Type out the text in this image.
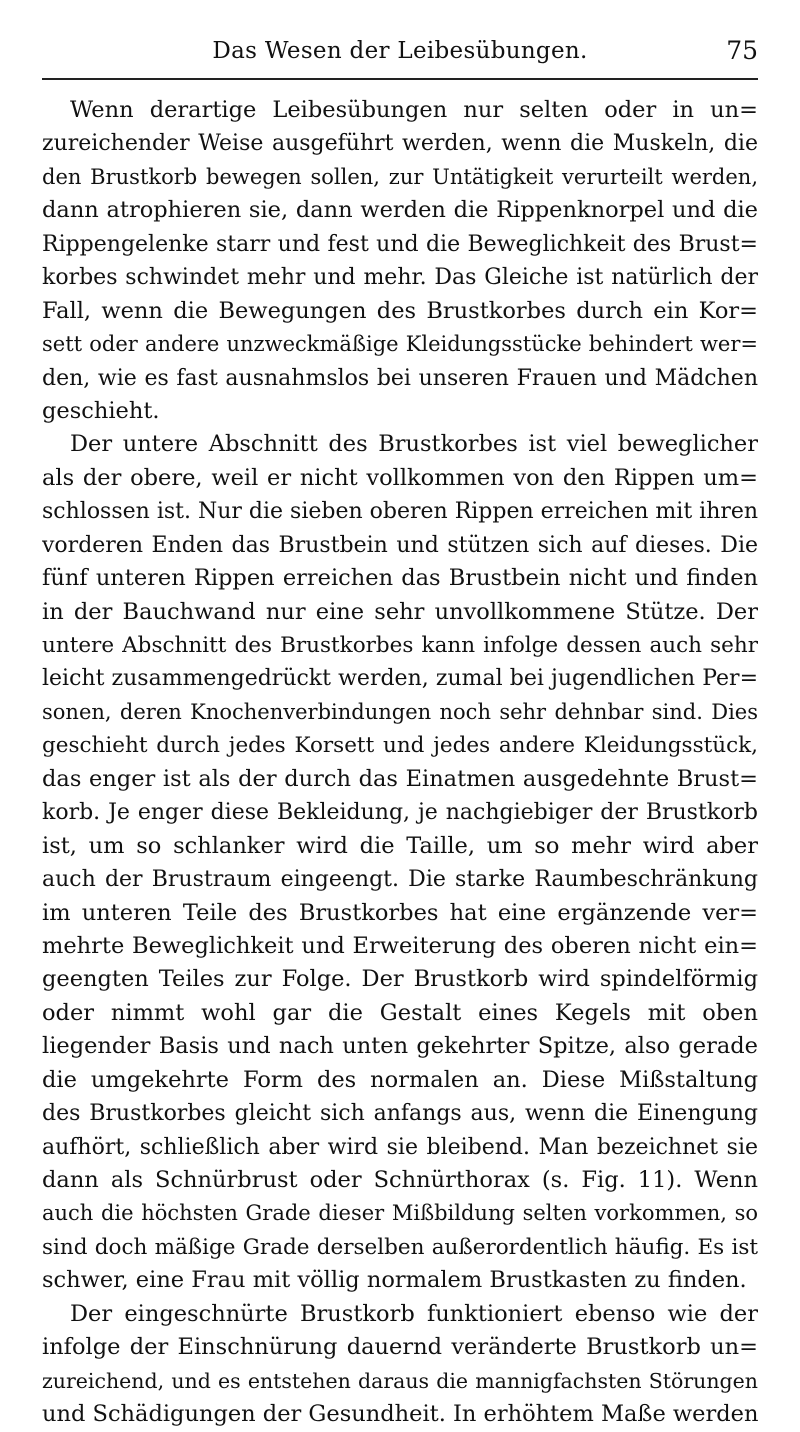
Das Wesen der Leibesübungen.	75
Wenn derartige Leibesübungen nur selten oder in un=
zureichender Weise ausgeführt werden, wenn die Muskeln, die
den Brustkorb bewegen sollen, zur Untätigkeit verurteilt werden,
dann atrophieren sie, dann werden die Rippenknorpel und die
Rippengelenke starr und fest und die Beweglichkeit des Brust=
korbes schwindet mehr und mehr. Das Gleiche ist natürlich der
Fall, wenn die Bewegungen des Brustkorbes durch ein Kor=
sett oder andere unzweckmäßige Kleidungsstücke behindert wer=
den, wie es fast ausnahmslos bei unseren Frauen und Mädchen
geschieht.
Der untere Abschnitt des Brustkorbes ist viel beweglicher
als der obere, weil er nicht vollkommen von den Rippen um=
schlossen ist. Nur die sieben oberen Rippen erreichen mit ihren
vorderen Enden das Brustbein und stützen sich auf dieses. Die
fünf unteren Rippen erreichen das Brustbein nicht und finden
in der Bauchwand nur eine sehr unvollkommene Stütze. Der
untere Abschnitt des Brustkorbes kann infolge dessen auch sehr
leicht zusammengedrückt werden, zumal bei jugendlichen Per=
sonen, deren Knochenverbindungen noch sehr dehnbar sind. Dies
geschieht durch jedes Korsett und jedes andere Kleidungsstück,
das enger ist als der durch das Einatmen ausgedehnte Brust=
korb. Je enger diese Bekleidung, je nachgiebiger der Brustkorb
ist, um so schlanker wird die Taille, um so mehr wird aber
auch der Brustraum eingeengt. Die starke Raumbeschränkung
im unteren Teile des Brustkorbes hat eine ergänzende ver=
mehrte Beweglichkeit und Erweiterung des oberen nicht ein=
geengten Teiles zur Folge. Der Brustkorb wird spindelförmig
oder nimmt wohl gar die Gestalt eines Kegels mit oben
liegender Basis und nach unten gekehrter Spitze, also gerade
die umgekehrte Form des normalen an. Diese Mißstaltung
des Brustkorbes gleicht sich anfangs aus, wenn die Einengung
aufhört, schließlich aber wird sie bleibend. Man bezeichnet sie
dann als Schnürbrust oder Schnürthorax (s. Fig. 11). Wenn
auch die höchsten Grade dieser Mißbildung selten vorkommen, so
sind doch mäßige Grade derselben außerordentlich häufig. Es ist
schwer, eine Frau mit völlig normalem Brustkasten zu finden.
Der eingeschnürte Brustkorb funktioniert ebenso wie der
infolge der Einschnürung dauernd veränderte Brustkorb un=
zureichend, und es entstehen daraus die mannigfachsten Störungen
und Schädigungen der Gesundheit. In erhöhtem Maße werden
